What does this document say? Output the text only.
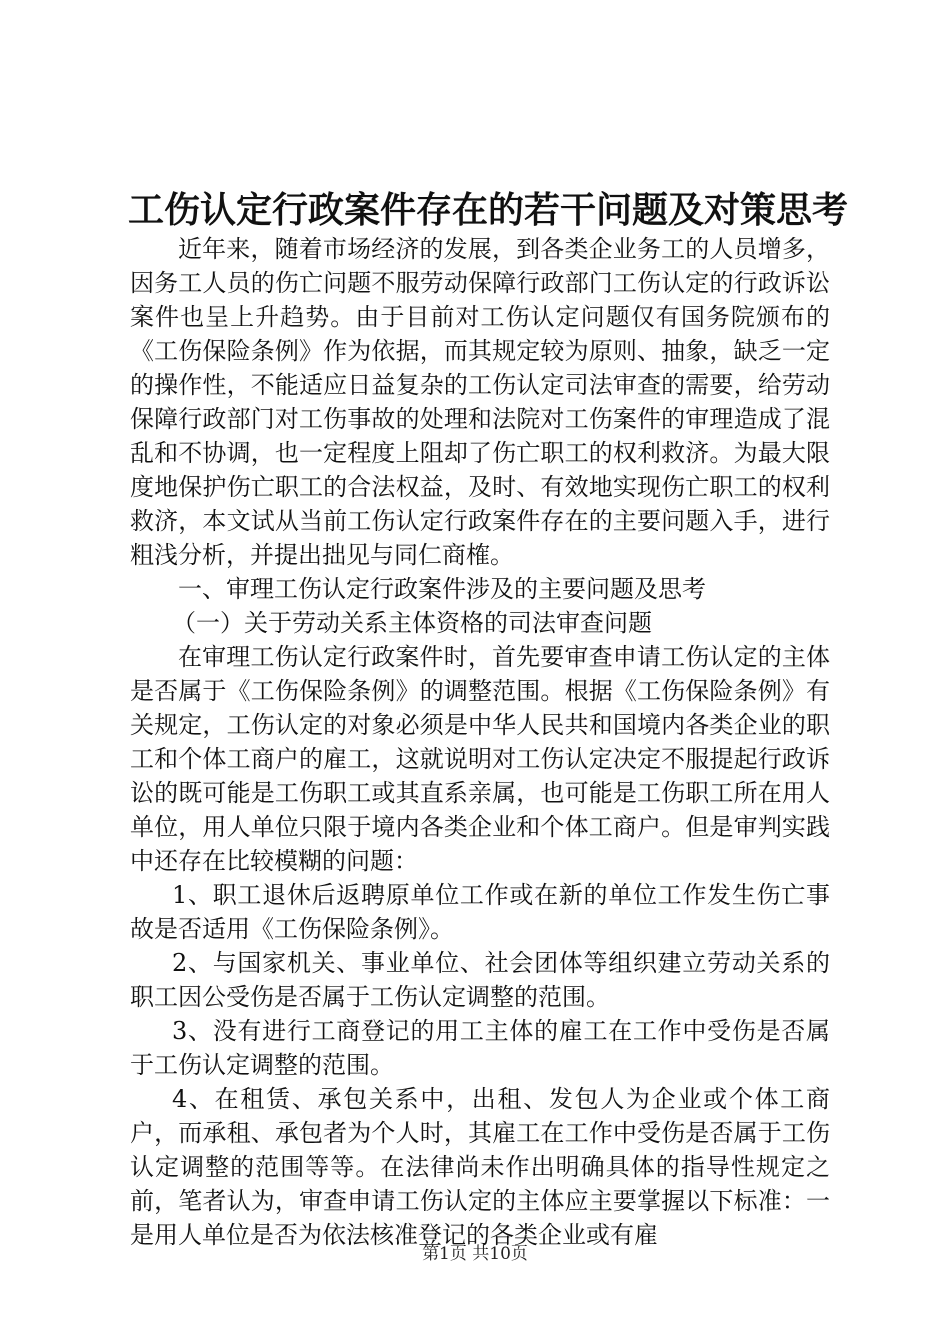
工伤认定行政案件存在的若干问题及对策思考

近年来，随着市场经济的发展，到各类企业务工的人员增多，因务工人员的伤亡问题不服劳动保障行政部门工伤认定的行政诉讼案件也呈上升趋势。由于目前对工伤认定问题仅有国务院颁布的《工伤保险条例》作为依据，而其规定较为原则、抽象，缺乏一定的操作性，不能适应日益复杂的工伤认定司法审查的需要，给劳动保障行政部门对工伤事故的处理和法院对工伤案件的审理造成了混乱和不协调，也一定程度上阻却了伤亡职工的权利救济。为最大限度地保护伤亡职工的合法权益，及时、有效地实现伤亡职工的权利救济，本文试从当前工伤认定行政案件存在的主要问题入手，进行粗浅分析，并提出拙见与同仁商榷。

一、审理工伤认定行政案件涉及的主要问题及思考

（一）关于劳动关系主体资格的司法审查问题

在审理工伤认定行政案件时，首先要审查申请工伤认定的主体是否属于《工伤保险条例》的调整范围。根据《工伤保险条例》有关规定，工伤认定的对象必须是中华人民共和国境内各类企业的职工和个体工商户的雇工，这就说明对工伤认定决定不服提起行政诉讼的既可能是工伤职工或其直系亲属，也可能是工伤职工所在用人单位，用人单位只限于境内各类企业和个体工商户。但是审判实践中还存在比较模糊的问题：

1、职工退休后返聘原单位工作或在新的单位工作发生伤亡事故是否适用《工伤保险条例》。

2、与国家机关、事业单位、社会团体等组织建立劳动关系的职工因公受伤是否属于工伤认定调整的范围。

3、没有进行工商登记的用工主体的雇工在工作中受伤是否属于工伤认定调整的范围。

4、在租赁、承包关系中，出租、发包人为企业或个体工商户，而承租、承包者为个人时，其雇工在工作中受伤是否属于工伤认定调整的范围等等。在法律尚未作出明确具体的指导性规定之前，笔者认为，审查申请工伤认定的主体应主要掌握以下标准：一是用人单位是否为依法核准登记的各类企业或有雇

第1页 共10页
